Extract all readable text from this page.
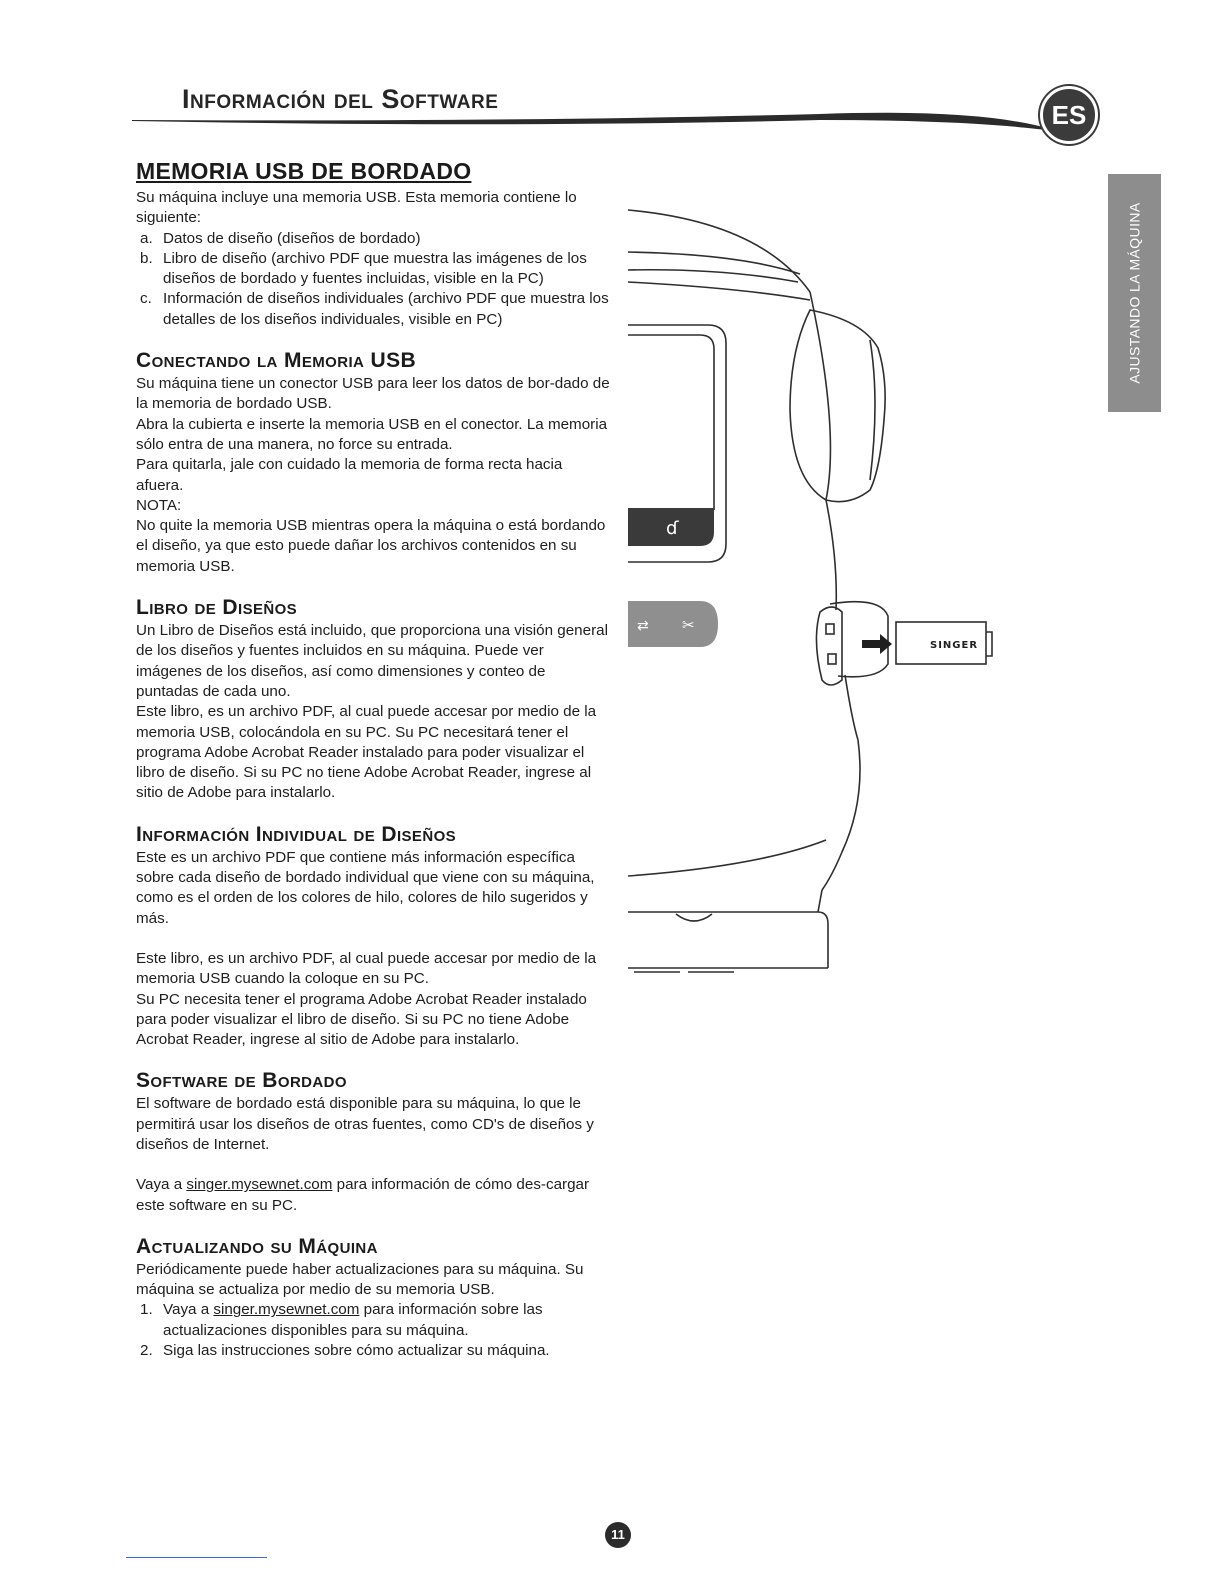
Información del Software
ES
AJUSTANDO LA MÁQUINA
MEMORIA USB DE BORDADO

Su máquina incluye una memoria USB. Esta memoria contiene lo siguiente:

a. Datos de diseño (diseños de bordado)
b. Libro de diseño (archivo PDF que muestra las imágenes de los diseños de bordado y fuentes incluidas, visible en la PC)
c. Información de diseños individuales (archivo PDF que muestra los detalles de los diseños individuales, visible en PC)
Conectando la Memoria USB

Su máquina tiene un conector USB para leer los datos de bor-dado de la memoria de bordado USB.

Abra la cubierta e inserte la memoria USB en el conector. La memoria sólo entra de una manera, no force su entrada.

Para quitarla, jale con cuidado la memoria de forma recta hacia afuera.

NOTA:

No quite la memoria USB mientras opera la máquina o está bordando el diseño, ya que esto puede dañar los archivos contenidos en su memoria USB.

Libro de Diseños

Un Libro de Diseños está incluido, que proporciona una visión general de los diseños y fuentes incluidos en su máquina. Puede ver imágenes de los diseños, así como dimensiones y conteo de puntadas de cada uno.

Este libro, es un archivo PDF, al cual puede accesar por medio de la memoria USB, colocándola en su PC. Su PC necesitará tener el programa Adobe Acrobat Reader instalado para poder visualizar el libro de diseño. Si su PC no tiene Adobe Acrobat Reader, ingrese al sitio de Adobe para instalarlo.

Información Individual de Diseños

Este es un archivo PDF que contiene más información específica sobre cada diseño de bordado individual que viene con su máquina, como es el orden de los colores de hilo, colores de hilo sugeridos y más.

Este libro, es un archivo PDF, al cual puede accesar por medio de la memoria USB cuando la coloque en su PC.

Su PC necesita tener el programa Adobe Acrobat Reader instalado para poder visualizar el libro de diseño. Si su PC no tiene Adobe Acrobat Reader, ingrese al sitio de Adobe para instalarlo.

Software de Bordado

El software de bordado está disponible para su máquina, lo que le permitirá usar los diseños de otras fuentes, como CD's de diseños y diseños de Internet.

Vaya a singer.mysewnet.com para información de cómo des-cargar este software en su PC.

Actualizando su Máquina

Periódicamente puede haber actualizaciones para su máquina. Su máquina se actualiza por medio de su memoria USB.

1. Vaya a singer.mysewnet.com para información sobre las actualizaciones disponibles para su máquina.
2. Siga las instrucciones sobre cómo actualizar su máquina.
ɗ
⇄ ✂
SINGER
11
